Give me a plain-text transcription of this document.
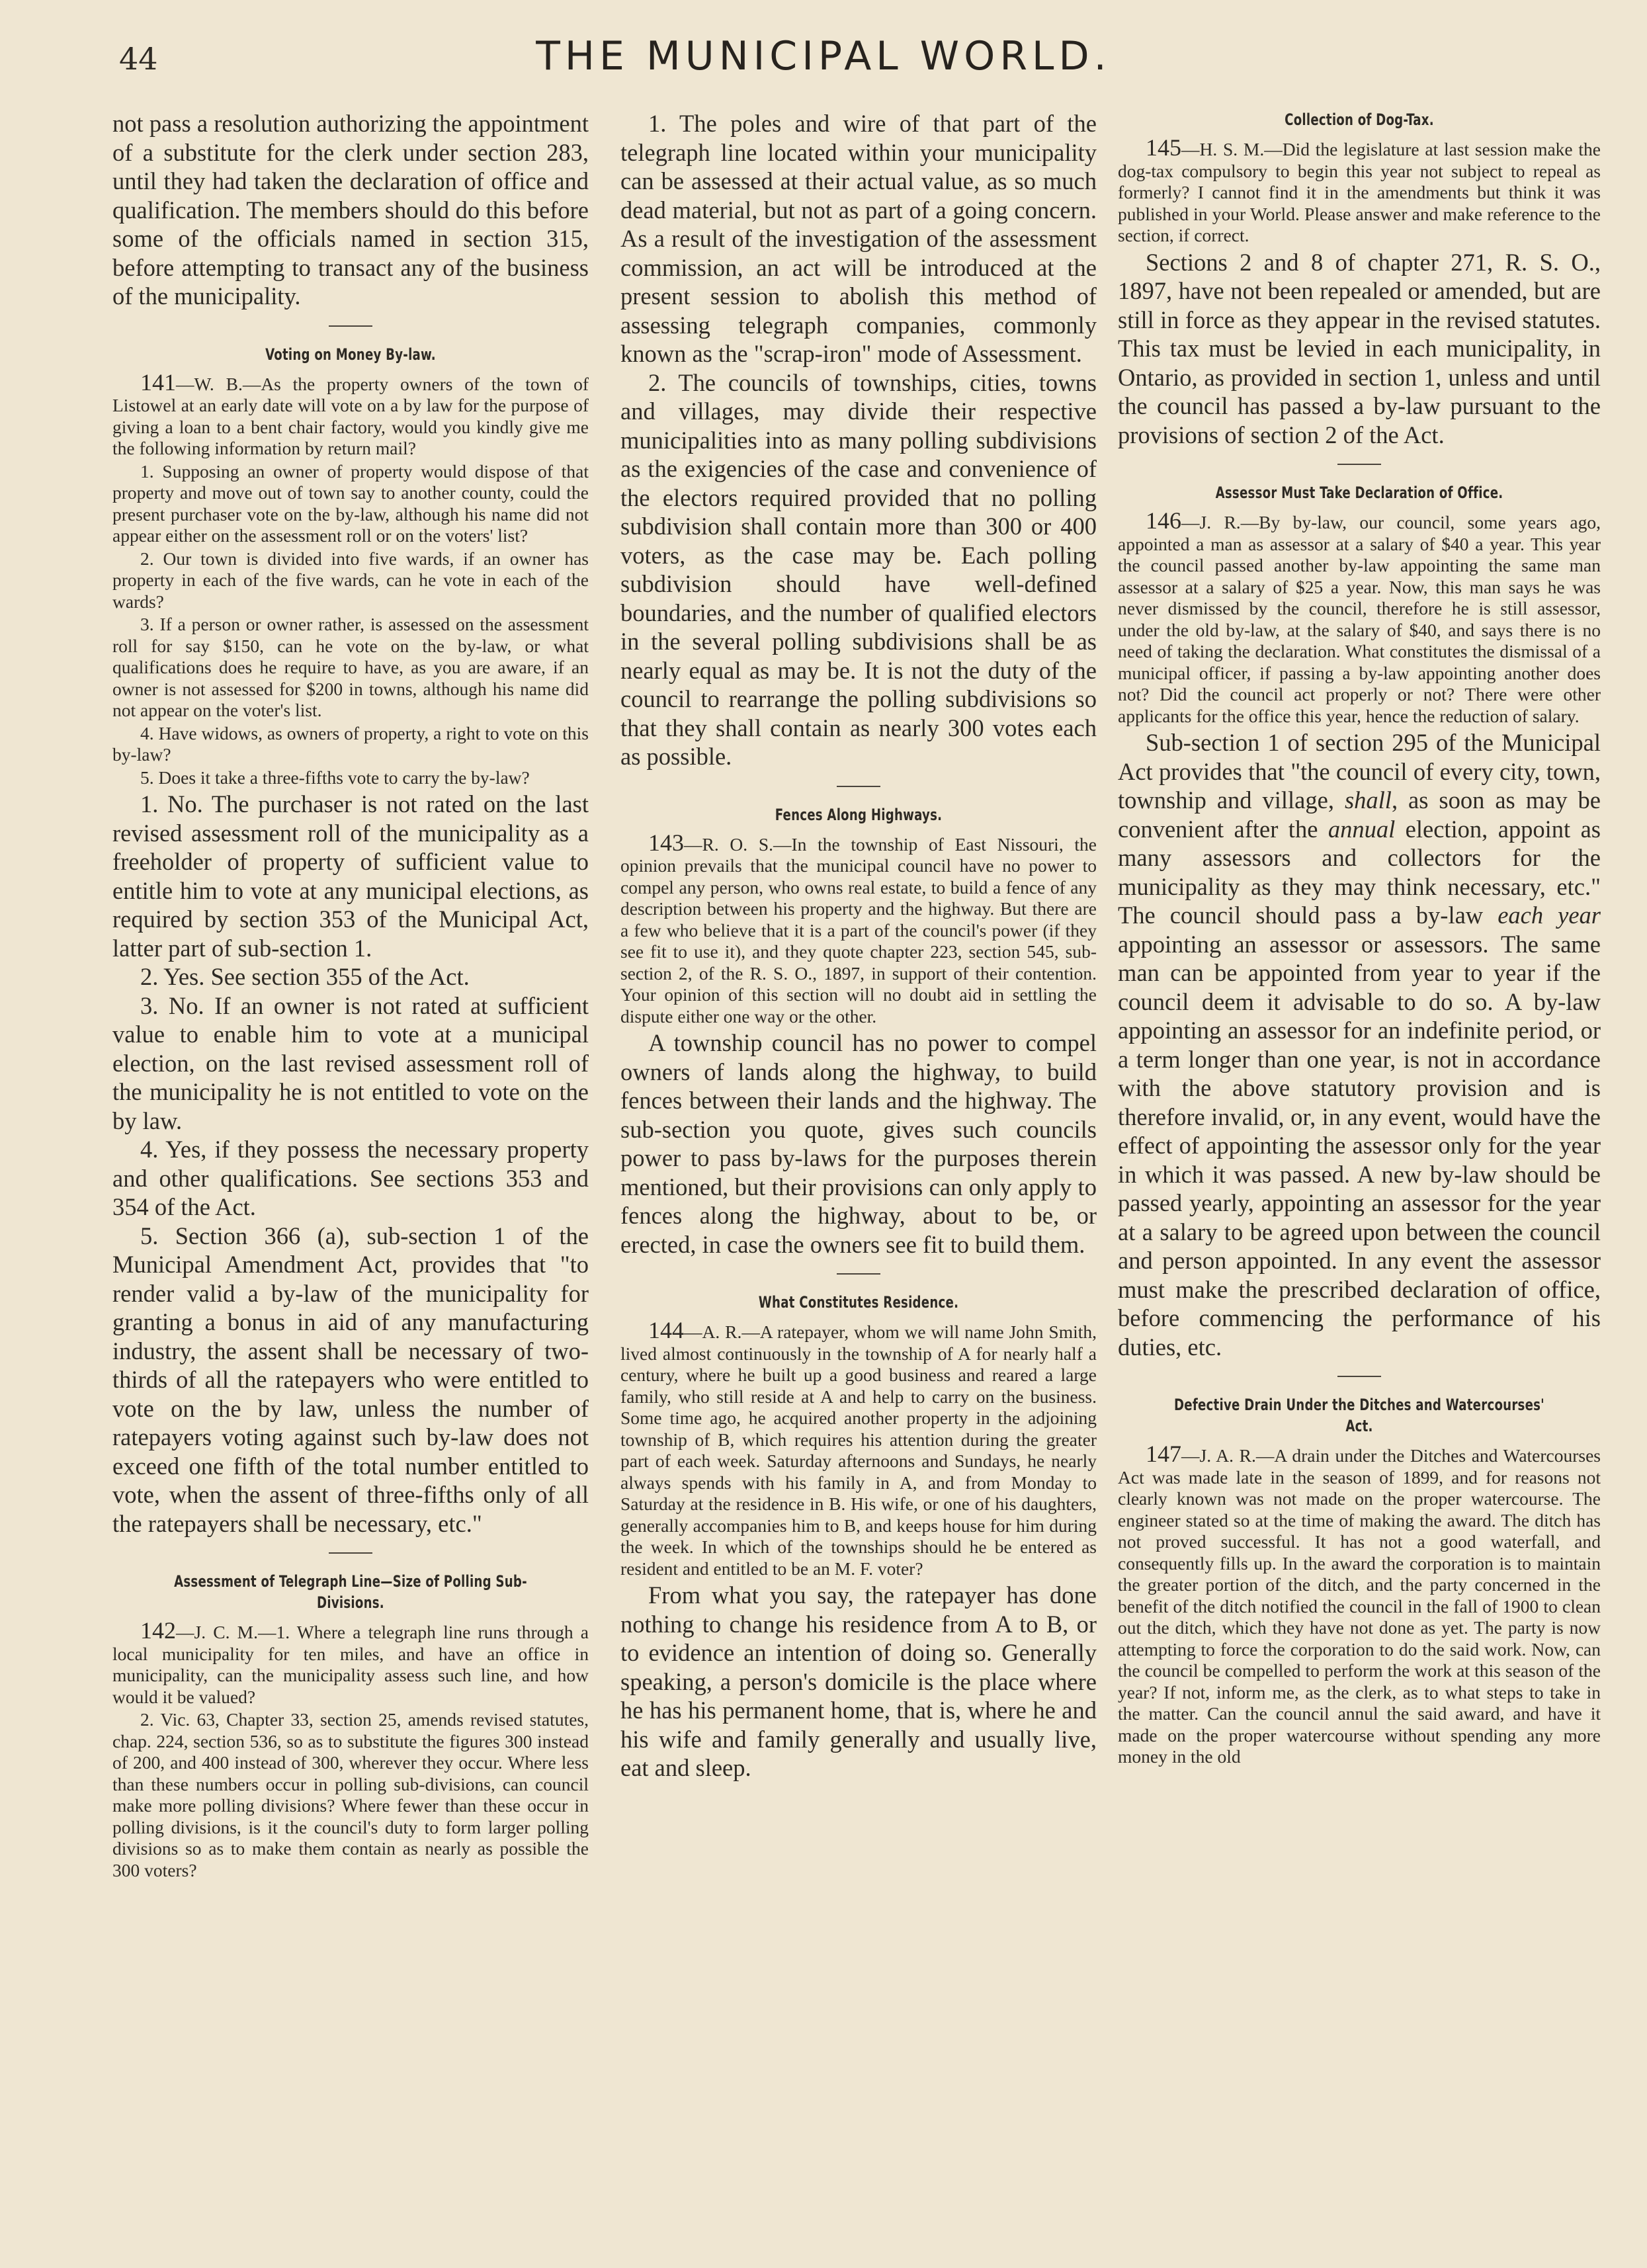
44	THE MUNICIPAL WORLD.

not pass a resolution authorizing the appointment of a substitute for the clerk under section 283, until they had taken the declaration of office and qualification. The members should do this before some of the officials named in section 315, before attempting to transact any of the business of the municipality.

Voting on Money By-law.

141—W. B.—As the property owners of the town of Listowel at an early date will vote on a by law for the purpose of giving a loan to a bent chair factory, would you kindly give me the following information by return mail?

1. Supposing an owner of property would dispose of that property and move out of town say to another county, could the present purchaser vote on the by-law, although his name did not appear either on the assessment roll or on the voters' list?

2. Our town is divided into five wards, if an owner has property in each of the five wards, can he vote in each of the wards?

3. If a person or owner rather, is assessed on the assessment roll for say $150, can he vote on the by-law, or what qualifications does he require to have, as you are aware, if an owner is not assessed for $200 in towns, although his name did not appear on the voter's list.

4. Have widows, as owners of property, a right to vote on this by-law?

5. Does it take a three-fifths vote to carry the by-law?

1. No. The purchaser is not rated on the last revised assessment roll of the municipality as a freeholder of property of sufficient value to entitle him to vote at any municipal elections, as required by section 353 of the Municipal Act, latter part of sub-section 1.

2. Yes. See section 355 of the Act.

3. No. If an owner is not rated at sufficient value to enable him to vote at a municipal election, on the last revised assessment roll of the municipality he is not entitled to vote on the by law.

4. Yes, if they possess the necessary property and other qualifications. See sections 353 and 354 of the Act.

5. Section 366 (a), sub-section 1 of the Municipal Amendment Act, provides that "to render valid a by-law of the municipality for granting a bonus in aid of any manufacturing industry, the assent shall be necessary of two-thirds of all the ratepayers who were entitled to vote on the by law, unless the number of ratepayers voting against such by-law does not exceed one fifth of the total number entitled to vote, when the assent of three-fifths only of all the ratepayers shall be necessary, etc."

Assessment of Telegraph Line—Size of Polling Sub-Divisions.

142—J. C. M.—1. Where a telegraph line runs through a local municipality for ten miles, and have an office in municipality, can the municipality assess such line, and how would it be valued?

2. Vic. 63, Chapter 33, section 25, amends revised statutes, chap. 224, section 536, so as to substitute the figures 300 instead of 200, and 400 instead of 300, wherever they occur. Where less than these numbers occur in polling sub-divisions, can council make more polling divisions? Where fewer than these occur in polling divisions, is it the council's duty to form larger polling divisions so as to make them contain as nearly as possible the 300 voters?

1. The poles and wire of that part of the telegraph line located within your municipality can be assessed at their actual value, as so much dead material, but not as part of a going concern. As a result of the investigation of the assessment commission, an act will be introduced at the present session to abolish this method of assessing telegraph companies, commonly known as the "scrap-iron" mode of Assessment.

2. The councils of townships, cities, towns and villages, may divide their respective municipalities into as many polling subdivisions as the exigencies of the case and convenience of the electors required provided that no polling subdivision shall contain more than 300 or 400 voters, as the case may be. Each polling subdivision should have well-defined boundaries, and the number of qualified electors in the several polling subdivisions shall be as nearly equal as may be. It is not the duty of the council to rearrange the polling subdivisions so that they shall contain as nearly 300 votes each as possible.

Fences Along Highways.

143—R. O. S.—In the township of East Nissouri, the opinion prevails that the municipal council have no power to compel any person, who owns real estate, to build a fence of any description between his property and the highway. But there are a few who believe that it is a part of the council's power (if they see fit to use it), and they quote chapter 223, section 545, sub-section 2, of the R. S. O., 1897, in support of their contention. Your opinion of this section will no doubt aid in settling the dispute either one way or the other.

A township council has no power to compel owners of lands along the highway, to build fences between their lands and the highway. The sub-section you quote, gives such councils power to pass by-laws for the purposes therein mentioned, but their provisions can only apply to fences along the highway, about to be, or erected, in case the owners see fit to build them.

What Constitutes Residence.

144—A. R.—A ratepayer, whom we will name John Smith, lived almost continuously in the township of A for nearly half a century, where he built up a good business and reared a large family, who still reside at A and help to carry on the business. Some time ago, he acquired another property in the adjoining township of B, which requires his attention during the greater part of each week. Saturday afternoons and Sundays, he nearly always spends with his family in A, and from Monday to Saturday at the residence in B. His wife, or one of his daughters, generally accompanies him to B, and keeps house for him during the week. In which of the townships should he be entered as resident and entitled to be an M. F. voter?

From what you say, the ratepayer has done nothing to change his residence from A to B, or to evidence an intention of doing so. Generally speaking, a person's domicile is the place where he has his permanent home, that is, where he and his wife and family generally and usually live, eat and sleep.

Collection of Dog-Tax.

145—H. S. M.—Did the legislature at last session make the dog-tax compulsory to begin this year not subject to repeal as formerly? I cannot find it in the amendments but think it was published in your World. Please answer and make reference to the section, if correct.

Sections 2 and 8 of chapter 271, R. S. O., 1897, have not been repealed or amended, but are still in force as they appear in the revised statutes. This tax must be levied in each municipality, in Ontario, as provided in section 1, unless and until the council has passed a by-law pursuant to the provisions of section 2 of the Act.

Assessor Must Take Declaration of Office.

146—J. R.—By by-law, our council, some years ago, appointed a man as assessor at a salary of $40 a year. This year the council passed another by-law appointing the same man assessor at a salary of $25 a year. Now, this man says he was never dismissed by the council, therefore he is still assessor, under the old by-law, at the salary of $40, and says there is no need of taking the declaration. What constitutes the dismissal of a municipal officer, if passing a by-law appointing another does not? Did the council act properly or not? There were other applicants for the office this year, hence the reduction of salary.

Sub-section 1 of section 295 of the Municipal Act provides that "the council of every city, town, township and village, shall, as soon as may be convenient after the annual election, appoint as many assessors and collectors for the municipality as they may think necessary, etc." The council should pass a by-law each year appointing an assessor or assessors. The same man can be appointed from year to year if the council deem it advisable to do so. A by-law appointing an assessor for an indefinite period, or a term longer than one year, is not in accordance with the above statutory provision and is therefore invalid, or, in any event, would have the effect of appointing the assessor only for the year in which it was passed. A new by-law should be passed yearly, appointing an assessor for the year at a salary to be agreed upon between the council and person appointed. In any event the assessor must make the prescribed declaration of office, before commencing the performance of his duties, etc.

Defective Drain Under the Ditches and Watercourses' Act.

147—J. A. R.—A drain under the Ditches and Watercourses Act was made late in the season of 1899, and for reasons not clearly known was not made on the proper watercourse. The engineer stated so at the time of making the award. The ditch has not proved successful. It has not a good waterfall, and consequently fills up. In the award the corporation is to maintain the greater portion of the ditch, and the party concerned in the benefit of the ditch notified the council in the fall of 1900 to clean out the ditch, which they have not done as yet. The party is now attempting to force the corporation to do the said work. Now, can the council be compelled to perform the work at this season of the year? If not, inform me, as the clerk, as to what steps to take in the matter. Can the council annul the said award, and have it made on the proper watercourse without spending any more money in the old
